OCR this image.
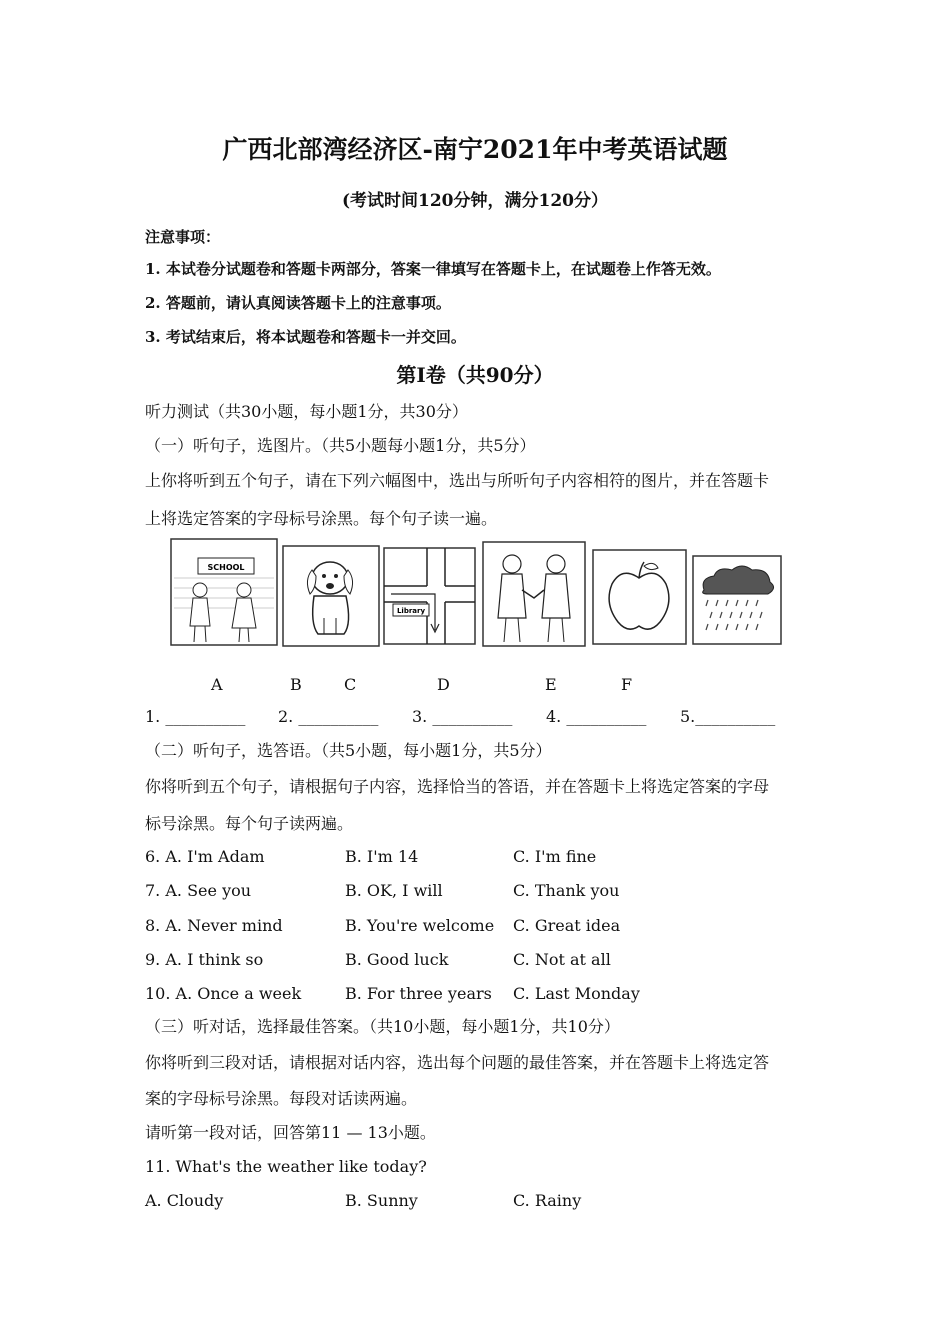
广西北部湾经济区-南宁2021年中考英语试题
(考试时间120分钟，满分120分）
注意事项：
1. 本试卷分试题卷和答题卡两部分，答案一律填写在答题卡上，在试题卷上作答无效。
2. 答题前，请认真阅读答题卡上的注意事项。
3. 考试结束后，将本试题卷和答题卡一并交回。
第Ⅰ卷（共90分）
听力测试（共30小题，每小题1分，共30分）
（一）听句子，选图片。（共5小题每小题1分，共5分）
上你将听到五个句子，请在下列六幅图中，选出与所听句子内容相符的图片，并在答题卡
上将选定答案的字母标号涂黑。每个句子读一遍。
SCHOOL
Library
A	B	C	D	E	F
1. __________ 2. __________ 3. __________ 4. __________ 5.__________
（二）听句子，选答语。（共5小题，每小题1分，共5分）
你将听到五个句子，请根据句子内容，选择恰当的答语，并在答题卡上将选定答案的字母
标号涂黑。每个句子读两遍。
6. A. I'm Adam	B. I'm 14	C. I'm fine
7. A. See you	B. OK, I will	C. Thank you
8. A. Never mind	B. You're welcome C. Great idea
9. A. I think so	B. Good luck	C. Not at all
10. A. Once a week	B. For three years C. Last Monday
（三）听对话，选择最佳答案。（共10小题，每小题1分，共10分）
你将听到三段对话，请根据对话内容，选出每个问题的最佳答案，并在答题卡上将选定答
案的字母标号涂黑。每段对话读两遍。
请听第一段对话，回答第11 — 13小题。
11. What's the weather like today?
A. Cloudy	B. Sunny	C. Rainy
